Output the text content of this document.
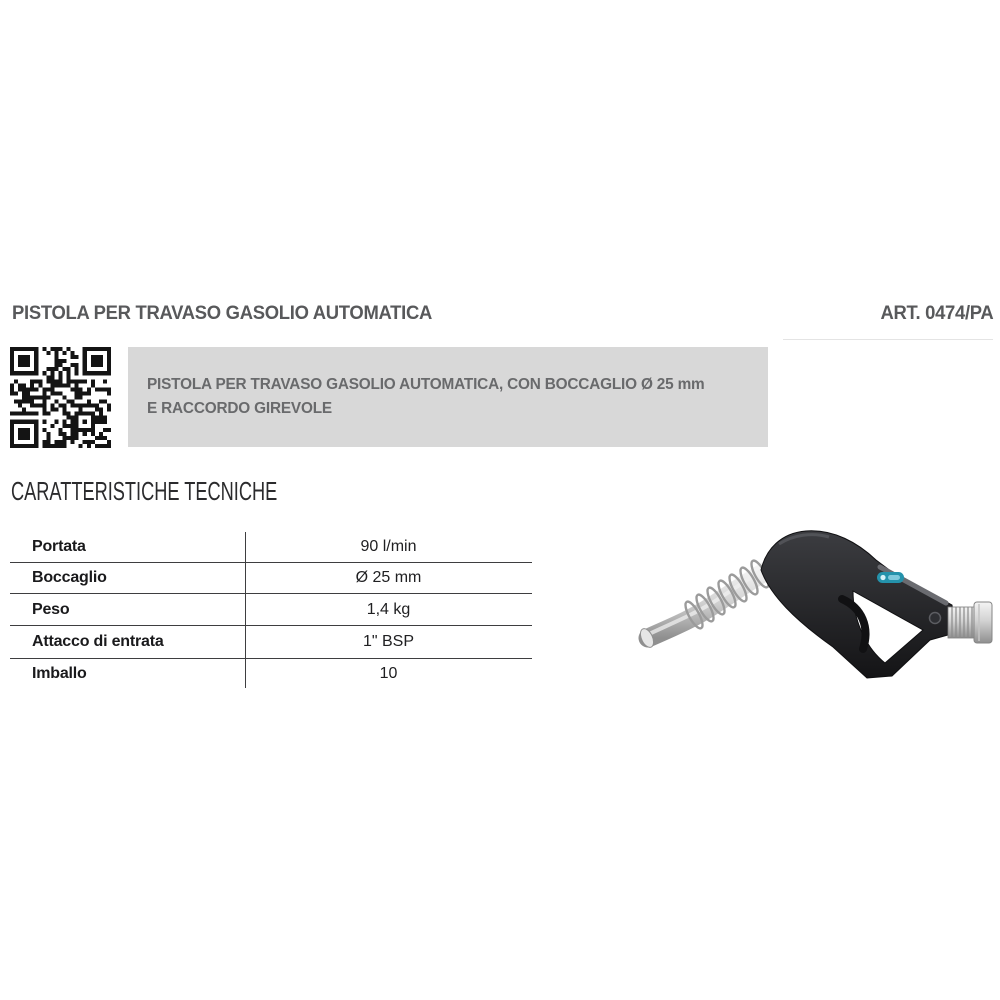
PISTOLA PER TRAVASO GASOLIO AUTOMATICA	ART. 0474/PA
PISTOLA PER TRAVASO GASOLIO AUTOMATICA, CON BOCCAGLIO Ø 25 mm
E RACCORDO GIREVOLE
CARATTERISTICHE TECNICHE
Portata	90 l/min
Boccaglio	Ø 25 mm
Peso	1,4 kg
Attacco di entrata	1" BSP
Imballo	10
